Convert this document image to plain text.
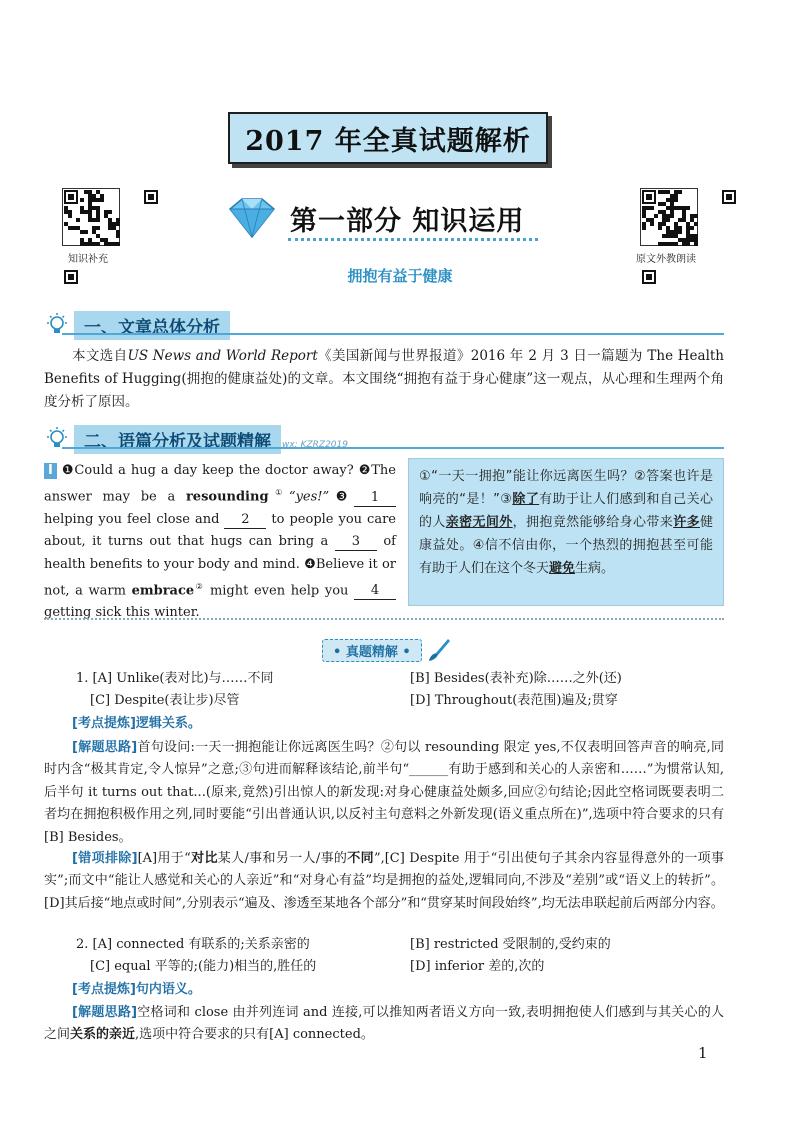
2017 年全真试题解析
知识补充	原文外教朗读
第一部分 知识运用
拥抱有益于健康
一、文章总体分析
本文选自US News and World Report《美国新闻与世界报道》2016 年 2 月 3 日一篇题为 The Health Benefits of Hugging(拥抱的健康益处)的文章。本文围绕“拥抱有益于身心健康”这一观点，从心理和生理两个角度分析了原因。
二、语篇分析及试题精解	wx: KZRZ2019
Ⅰ ❶Could a hug a day keep the doctor away? ❷The answer may be a resounding①“yes!”❸ 1 helping you feel close and 2 to people you care about, it turns out that hugs can bring a 3 of health benefits to your body and mind. ❹Believe it or not, a warm embrace② might even help you 4 getting sick this winter.
①“一天一拥抱”能让你远离医生吗？②答案也许是响亮的“是！”③除了有助于让人们感到和自己关心的人亲密无间外，拥抱竟然能够给身心带来许多健康益处。④信不信由你，一个热烈的拥抱甚至可能有助于人们在这个冬天避免生病。
• 真题精解 •
1. [A] Unlike(表对比)与……不同	[B] Besides(表补充)除……之外(还)
[C] Despite(表让步)尽管	[D] Throughout(表范围)遍及;贯穿
[考点提炼]逻辑关系。
[解题思路]首句设问:一天一拥抱能让你远离医生吗？②句以 resounding 限定 yes,不仅表明回答声音的响亮,同时内含“极其肯定,令人惊异”之意;③句进而解释该结论,前半句“______有助于感到和关心的人亲密和……”为惯常认知,后半句 it turns out that...(原来,竟然)引出惊人的新发现:对身心健康益处颇多,回应②句结论;因此空格词既要表明二者均在拥抱积极作用之列,同时要能“引出普通认识,以反衬主句意料之外新发现(语义重点所在)”,选项中符合要求的只有[B] Besides。
[错项排除][A]用于“对比某人/事和另一人/事的不同”,[C] Despite 用于“引出使句子其余内容显得意外的一项事实”;而文中“能让人感觉和关心的人亲近”和“对身心有益”均是拥抱的益处,逻辑同向,不涉及“差别”或“语义上的转折”。[D]其后接“地点或时间”,分别表示“遍及、渗透至某地各个部分”和“贯穿某时间段始终”,均无法串联起前后两部分内容。
2. [A] connected 有联系的;关系亲密的	[B] restricted 受限制的,受约束的
[C] equal 平等的;(能力)相当的,胜任的	[D] inferior 差的,次的
[考点提炼]句内语义。
[解题思路]空格词和 close 由并列连词 and 连接,可以推知两者语义方向一致,表明拥抱使人们感到与其关心的人之间关系的亲近,选项中符合要求的只有[A] connected。
1
